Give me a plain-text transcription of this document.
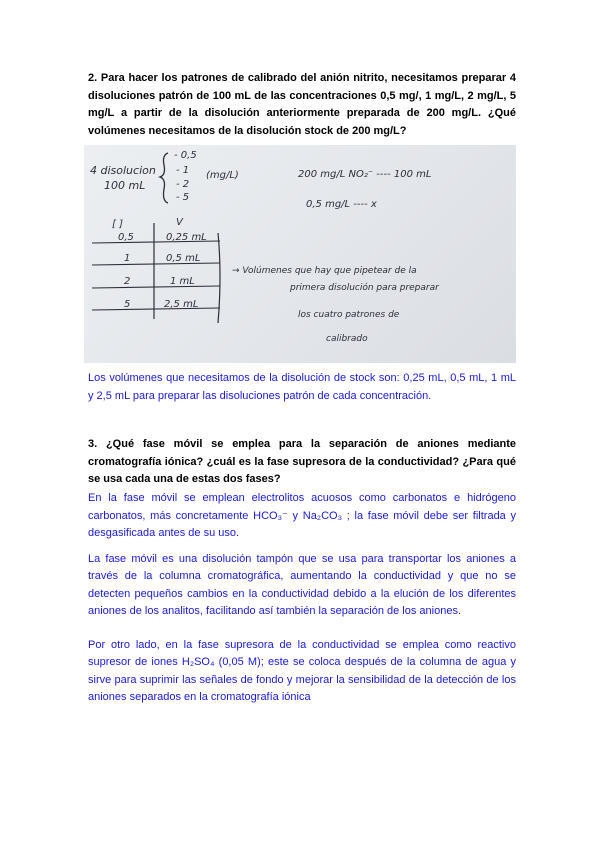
2. Para hacer los patrones de calibrado del anión nitrito, necesitamos preparar 4 disoluciones patrón de 100 mL de las concentraciones 0,5 mg/, 1 mg/L, 2 mg/L, 5 mg/L a partir de la disolución anteriormente preparada de 200 mg/L. ¿Qué volúmenes necesitamos de la disolución stock de 200 mg/L?
4 disolucion
100 mL
- 0,5
- 1
- 2
- 5
(mg/L)	200 mg/L NO₂⁻ ---- 100 mL
0,5 mg/L ---- x
[ ]	V
0,5	0,25 mL
1	0,5 mL
2	1 mL
5	2,5 mL
→ Volúmenes que hay que pipetear de la
primera disolución para preparar
los cuatro patrones de
calibrado
Los volúmenes que necesitamos de la disolución de stock son: 0,25 mL, 0,5 mL, 1 mL y 2,5 mL para preparar las disoluciones patrón de cada concentración.
3. ¿Qué fase móvil se emplea para la separación de aniones mediante cromatografía iónica? ¿cuál es la fase supresora de la conductividad? ¿Para qué se usa cada una de estas dos fases?

En la fase móvil se emplean electrolitos acuosos como carbonatos e hidrógeno carbonatos, más concretamente HCO₃⁻ y Na₂CO₃ ; la fase móvil debe ser filtrada y desgasificada antes de su uso.

La fase móvil es una disolución tampón que se usa para transportar los aniones a través de la columna cromatográfica, aumentando la conductividad y que no se detecten pequeños cambios en la conductividad debido a la elución de los diferentes aniones de los analitos, facilitando así también la separación de los aniones.

Por otro lado, en la fase supresora de la conductividad se emplea como reactivo supresor de iones H₂SO₄ (0,05 M); este se coloca después de la columna de agua y sirve para suprimir las señales de fondo y mejorar la sensibilidad de la detección de los aniones separados en la cromatografía iónica
